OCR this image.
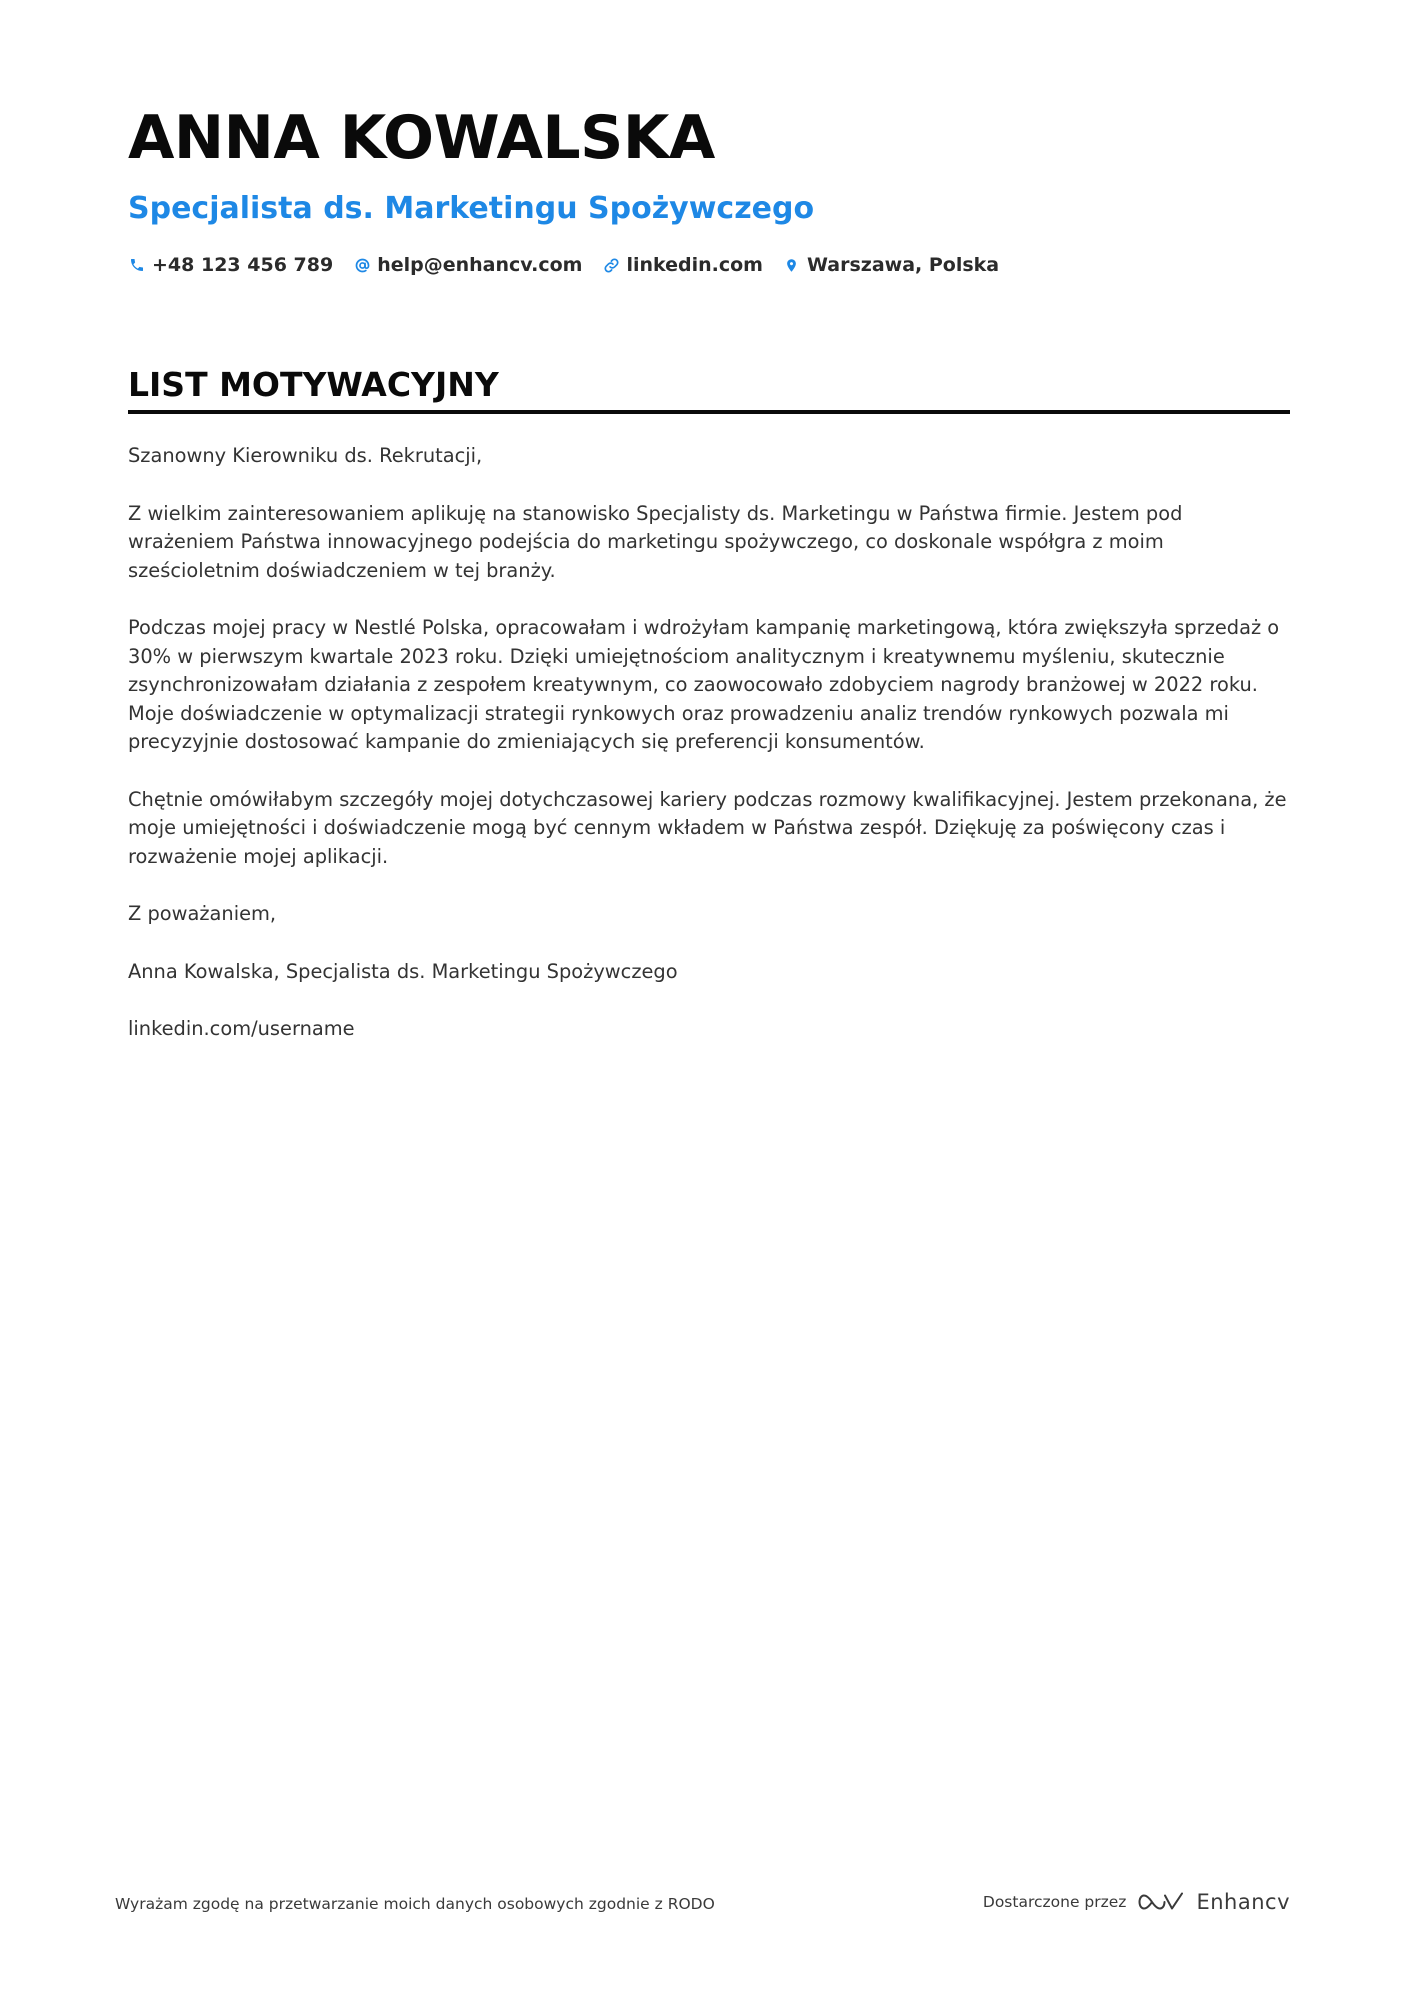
ANNA KOWALSKA
Specjalista ds. Marketingu Spożywczego
+48 123 456 789 help@enhancv.com linkedin.com Warszawa, Polska
LIST MOTYWACYJNY

Szanowny Kierowniku ds. Rekrutacji,

Z wielkim zainteresowaniem aplikuję na stanowisko Specjalisty ds. Marketingu w Państwa firmie. Jestem pod wrażeniem Państwa innowacyjnego podejścia do marketingu spożywczego, co doskonale współgra z moim sześcioletnim doświadczeniem w tej branży.

Podczas mojej pracy w Nestlé Polska, opracowałam i wdrożyłam kampanię marketingową, która zwiększyła sprzedaż o 30% w pierwszym kwartale 2023 roku. Dzięki umiejętnościom analitycznym i kreatywnemu myśleniu, skutecznie zsynchronizowałam działania z zespołem kreatywnym, co zaowocowało zdobyciem nagrody branżowej w 2022 roku. Moje doświadczenie w optymalizacji strategii rynkowych oraz prowadzeniu analiz trendów rynkowych pozwala mi precyzyjnie dostosować kampanie do zmieniających się preferencji konsumentów.

Chętnie omówiłabym szczegóły mojej dotychczasowej kariery podczas rozmowy kwalifikacyjnej. Jestem przekonana, że moje umiejętności i doświadczenie mogą być cennym wkładem w Państwa zespół. Dziękuję za poświęcony czas i rozważenie mojej aplikacji.

Z poważaniem,

Anna Kowalska, Specjalista ds. Marketingu Spożywczego

linkedin.com/username

Wyrażam zgodę na przetwarzanie moich danych osobowych zgodnie z RODO	Dostarczone przez	Enhancv
